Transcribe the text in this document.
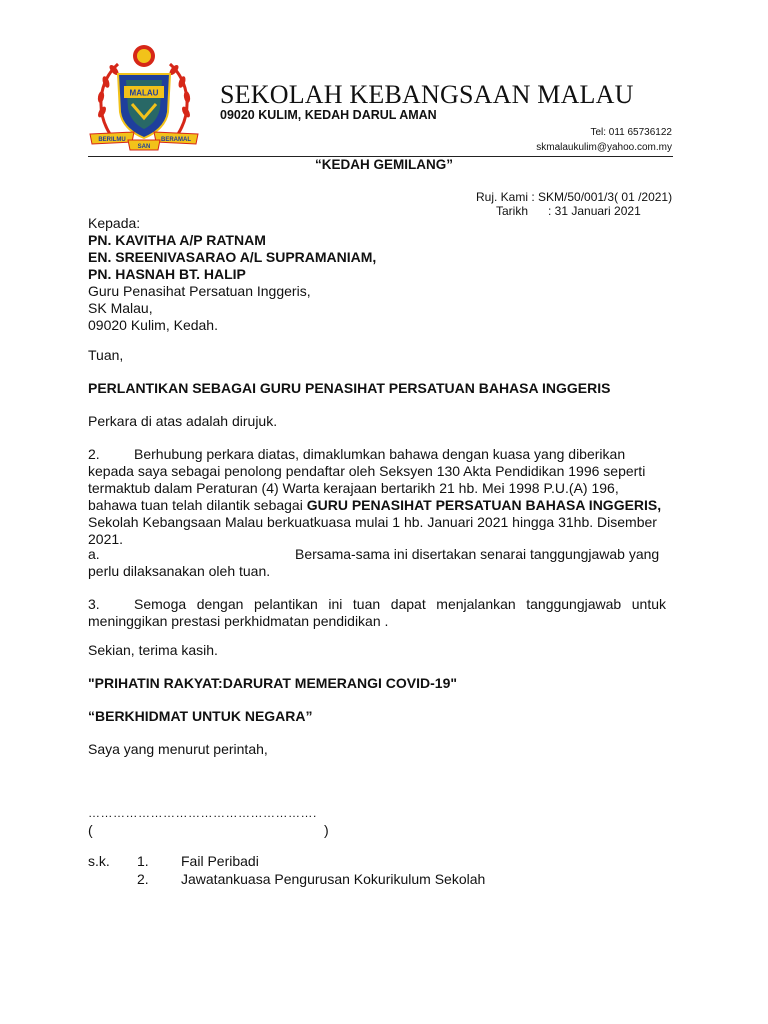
MALAU
BERILMU	BERAMAL
SAN
SEKOLAH KEBANGSAAN MALAU
09020 KULIM, KEDAH DARUL AMAN
Tel: 011 65736122
skmalaukulim@yahoo.com.my
“KEDAH GEMILANG”
Ruj. Kami : SKM/50/001/3( 01 /2021)
Tarikh	: 31 Januari 2021
Kepada:
PN. KAVITHA A/P RATNAM
EN. SREENIVASARAO A/L SUPRAMANIAM,
PN. HASNAH BT. HALIP
Guru Penasihat Persatuan Inggeris,
SK Malau,
09020 Kulim, Kedah.
Tuan,
PERLANTIKAN SEBAGAI GURU PENASIHAT PERSATUAN BAHASA INGGERIS
Perkara di atas adalah dirujuk.
2. Berhubung perkara diatas, dimaklumkan bahawa dengan kuasa yang diberikan kepada saya sebagai penolong pendaftar oleh Seksyen 130 Akta Pendidikan 1996 seperti termaktub dalam Peraturan (4) Warta kerajaan bertarikh 21 hb. Mei 1998 P.U.(A) 196, bahawa tuan telah dilantik sebagai GURU PENASIHAT PERSATUAN BAHASA INGGERIS, Sekolah Kebangsaan Malau berkuatkuasa mulai 1 hb. Januari 2021 hingga 31hb. Disember 2021.
a.	Bersama-sama ini disertakan senarai tanggungjawab yang perlu dilaksanakan oleh tuan.
3. Semoga dengan pelantikan ini tuan dapat menjalankan tanggungjawab untuk meninggikan prestasi perkhidmatan pendidikan .
Sekian, terima kasih.
"PRIHATIN RAKYAT:DARURAT MEMERANGI COVID-19"
“BERKHIDMAT UNTUK NEGARA”
Saya yang menurut perintah,
……………………………………………….
(	)
s.k. 1. Fail Peribadi
2. Jawatankuasa Pengurusan Kokurikulum Sekolah
